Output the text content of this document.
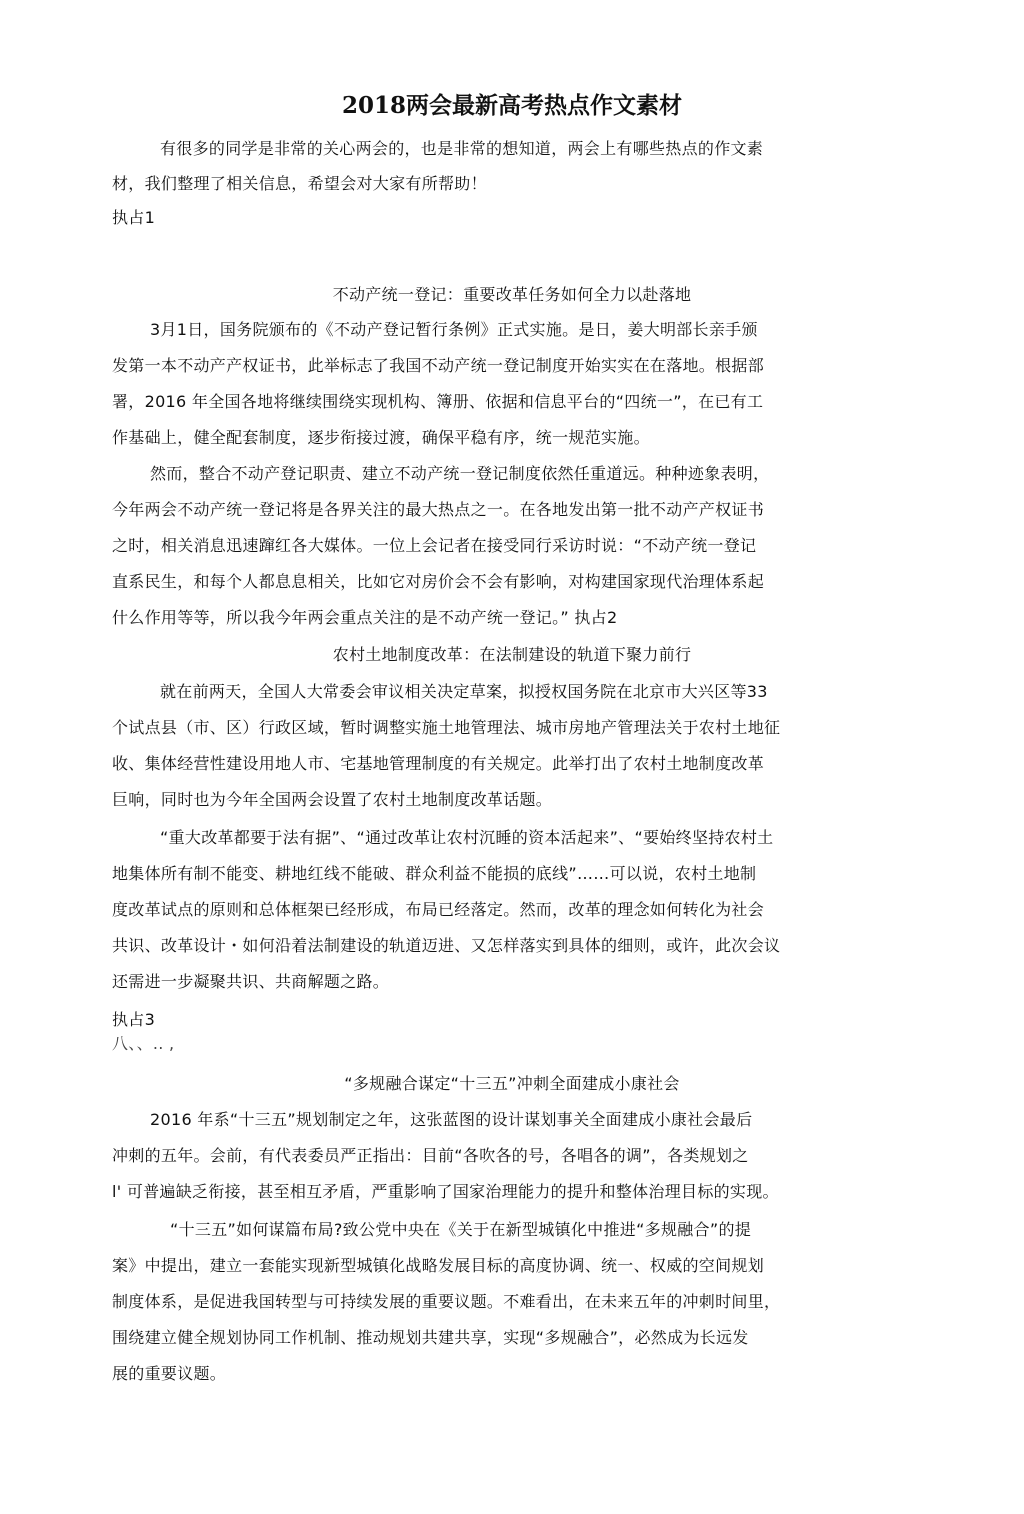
2018两会最新高考热点作文素材
有很多的同学是非常的关心两会的，也是非常的想知道，两会上有哪些热点的作文素
材，我们整理了相关信息，希望会对大家有所帮助！
执占1
不动产统一登记：重要改革任务如何全力以赴落地
3月1日，国务院颁布的《不动产登记暂行条例》正式实施。是日，姜大明部长亲手颁
发第一本不动产产权证书，此举标志了我国不动产统一登记制度开始实实在在落地。根据部
署，2016 年全国各地将继续围绕实现机构、簿册、依据和信息平台的“四统一”，在已有工
作基础上，健全配套制度，逐步衔接过渡，确保平稳有序，统一规范实施。
然而，整合不动产登记职责、建立不动产统一登记制度依然任重道远。种种迹象表明，
今年两会不动产统一登记将是各界关注的最大热点之一。在各地发出第一批不动产产权证书
之时，相关消息迅速蹿红各大媒体。一位上会记者在接受同行采访时说：“不动产统一登记
直系民生，和每个人都息息相关，比如它对房价会不会有影响，对构建国家现代治理体系起
什么作用等等，所以我今年两会重点关注的是不动产统一登记。” 执占2
农村土地制度改革：在法制建设的轨道下聚力前行
就在前两天，全国人大常委会审议相关决定草案，拟授权国务院在北京市大兴区等33
个试点县（市、区）行政区域，暂时调整实施土地管理法、城市房地产管理法关于农村土地征
收、集体经营性建设用地人市、宅基地管理制度的有关规定。此举打出了农村土地制度改革
巨响，同时也为今年全国两会设置了农村土地制度改革话题。
“重大改革都要于法有据”、“通过改革让农村沉睡的资本活起来”、“要始终坚持农村土
地集体所有制不能变、耕地红线不能破、群众利益不能损的底线”……可以说，农村土地制
度改革试点的原则和总体框架已经形成，布局已经落定。然而，改革的理念如何转化为社会
共识、改革设计・如何沿着法制建设的轨道迈进、又怎样落实到具体的细则，或许，此次会议
还需进一步凝聚共识、共商解题之路。
执占3
八、、.. ,
“多规融合谋定“十三五”冲刺全面建成小康社会
2016 年系“十三五”规划制定之年，这张蓝图的设计谋划事关全面建成小康社会最后
冲刺的五年。会前，有代表委员严正指出：目前“各吹各的号，各唱各的调”，各类规划之
l' 可普遍缺乏衔接，甚至相互矛盾，严重影响了国家治理能力的提升和整体治理目标的实现。
“十三五”如何谋篇布局?致公党中央在《关于在新型城镇化中推进“多规融合”的提
案》中提出，建立一套能实现新型城镇化战略发展目标的高度协调、统一、权威的空间规划
制度体系，是促进我国转型与可持续发展的重要议题。不难看出，在未来五年的冲刺时间里，
围绕建立健全规划协同工作机制、推动规划共建共享，实现“多规融合”，必然成为长远发
展的重要议题。
